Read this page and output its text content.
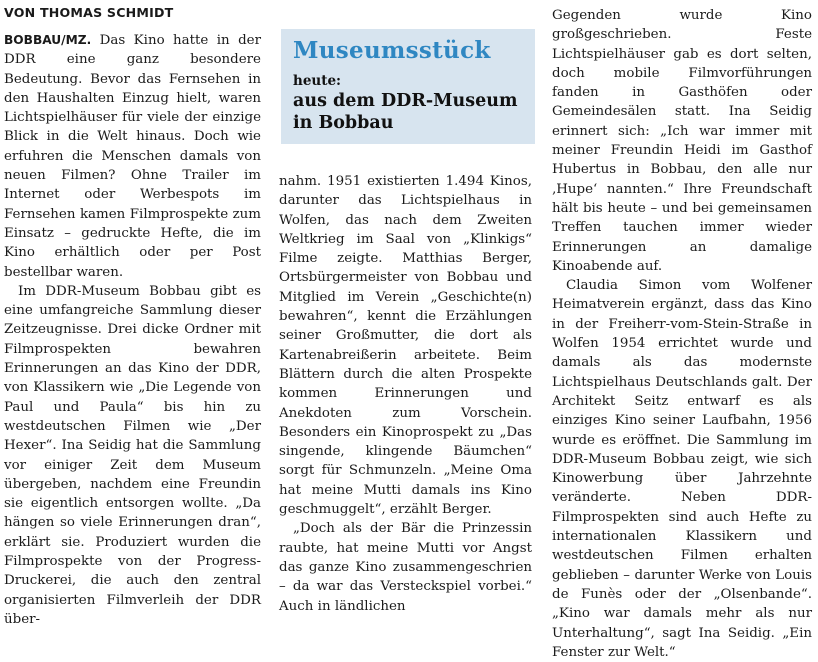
VON THOMAS SCHMIDT

BOBBAU/MZ. Das Kino hatte in der DDR eine ganz besondere Bedeutung. Bevor das Fernsehen in den Haushalten Einzug hielt, waren Lichtspielhäuser für viele der einzige Blick in die Welt hinaus. Doch wie erfuhren die Menschen damals von neuen Filmen? Ohne Trailer im Internet oder Werbespots im Fernsehen kamen Filmprospekte zum Einsatz – gedruckte Hefte, die im Kino erhältlich oder per Post bestellbar waren.

Im DDR-Museum Bobbau gibt es eine umfangreiche Sammlung dieser Zeitzeugnisse. Drei dicke Ordner mit Filmprospekten bewahren Erinnerungen an das Kino der DDR, von Klassikern wie „Die Legende von Paul und Paula“ bis hin zu westdeutschen Filmen wie „Der Hexer“. Ina Seidig hat die Sammlung vor einiger Zeit dem Museum übergeben, nachdem eine Freundin sie eigentlich entsorgen wollte. „Da hängen so viele Erinnerungen dran“, erklärt sie. Produziert wurden die Filmprospekte von der Progress-Druckerei, die auch den zentral organisierten Filmverleih der DDR über-

Museumsstück
heute:
aus dem DDR-Museum in Bobbau

nahm. 1951 existierten 1.494 Kinos, darunter das Lichtspielhaus in Wolfen, das nach dem Zweiten Weltkrieg im Saal von „Klinkigs“ Filme zeigte. Matthias Berger, Ortsbürgermeister von Bobbau und Mitglied im Verein „Geschichte(n) bewahren“, kennt die Erzählungen seiner Großmutter, die dort als Kartenabreißerin arbeitete. Beim Blättern durch die alten Prospekte kommen Erinnerungen und Anekdoten zum Vorschein. Besonders ein Kinoprospekt zu „Das singende, klingende Bäumchen“ sorgt für Schmunzeln. „Meine Oma hat meine Mutti damals ins Kino geschmuggelt“, erzählt Berger.

„Doch als der Bär die Prinzessin raubte, hat meine Mutti vor Angst das ganze Kino zusammengeschrien – da war das Versteckspiel vorbei.“ Auch in ländlichen

Gegenden wurde Kino großgeschrieben. Feste Lichtspielhäuser gab es dort selten, doch mobile Filmvorführungen fanden in Gasthöfen oder Gemeindesälen statt. Ina Seidig erinnert sich: „Ich war immer mit meiner Freundin Heidi im Gasthof Hubertus in Bobbau, den alle nur ‚Hupe‘ nannten.“ Ihre Freundschaft hält bis heute – und bei gemeinsamen Treffen tauchen immer wieder Erinnerungen an damalige Kinoabende auf.

Claudia Simon vom Wolfener Heimatverein ergänzt, dass das Kino in der Freiherr-vom-Stein-Straße in Wolfen 1954 errichtet wurde und damals als das modernste Lichtspielhaus Deutschlands galt. Der Architekt Seitz entwarf es als einziges Kino seiner Laufbahn, 1956 wurde es eröffnet. Die Sammlung im DDR-Museum Bobbau zeigt, wie sich Kinowerbung über Jahrzehnte veränderte. Neben DDR-Filmprospekten sind auch Hefte zu internationalen Klassikern und westdeutschen Filmen erhalten geblieben – darunter Werke von Louis de Funès oder der „Olsenbande“. „Kino war damals mehr als nur Unterhaltung“, sagt Ina Seidig. „Ein Fenster zur Welt.“
